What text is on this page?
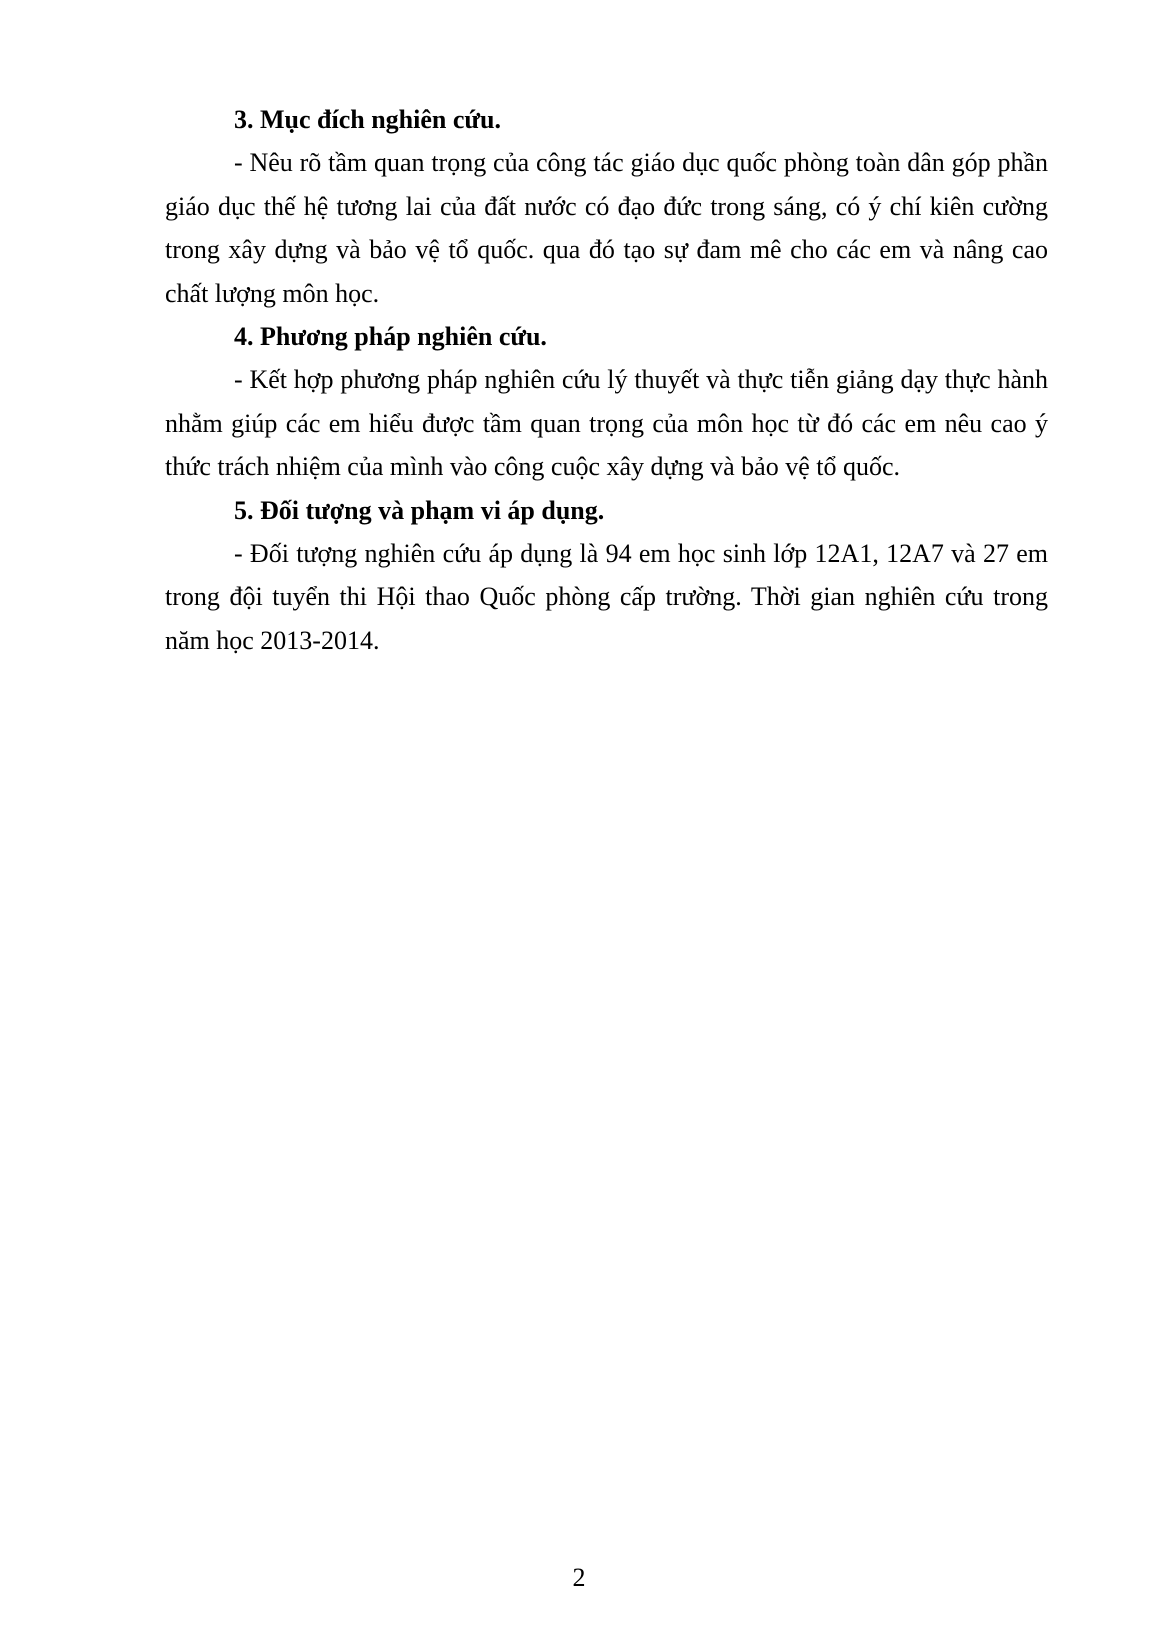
3. Mục đích nghiên cứu.

- Nêu rõ tầm quan trọng của công tác giáo dục quốc phòng toàn dân góp phần giáo dục thế hệ tương lai của đất nước có đạo đức trong sáng, có ý chí kiên cường trong xây dựng và bảo vệ tổ quốc. qua đó tạo sự đam mê cho các em và nâng cao chất lượng môn học.

4. Phương pháp nghiên cứu.

- Kết hợp phương pháp nghiên cứu lý thuyết và thực tiễn giảng dạy thực hành nhằm giúp các em hiểu được tầm quan trọng của môn học từ đó các em nêu cao ý thức trách nhiệm của mình vào công cuộc xây dựng và bảo vệ tổ quốc.

5. Đối tượng và phạm vi áp dụng.

- Đối tượng nghiên cứu áp dụng là 94 em học sinh lớp 12A1, 12A7 và 27 em trong đội tuyển thi Hội thao Quốc phòng cấp trường. Thời gian nghiên cứu trong năm học 2013-2014.

2
